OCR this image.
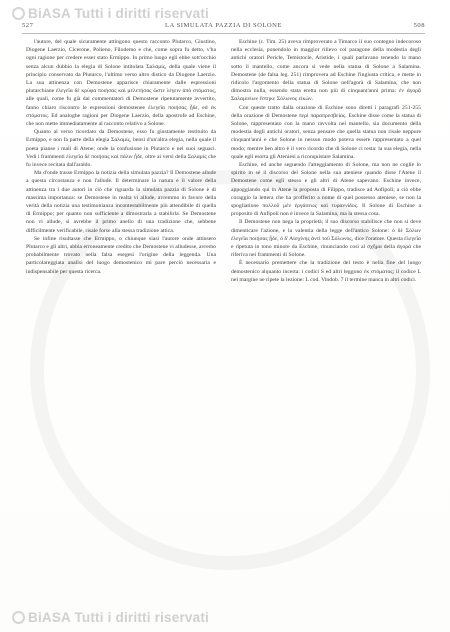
BiASA Tutti i diritti riservati
527	LA SIMULATA PAZZIA DI SOLONE	508

l'autore, del quale sicuramente attingono questo racconto Plutarco, Giustino, Diogene Laerzio, Cicerone, Polieno, Filodemo e che, come sopra fu detto, v'ha ogni ragione per credere esser stato Ermippo. In primo luogo egli ebbe sott'occhio senza alcun dubbio la elegia di Solone intitolata Σαλαμίς, della quale viene il principio conservato da Plutarco, l'ultimo verso altro distico da Diogene Laerzio. La sua attinenza con Demostene apparisce chiaramente dalle espressioni plutarchiane ἐλεγεῖα δὲ κρύφα ποιήσας καὶ μελετήσας ὥστε λέγειν ἀπὸ στόματος, alle quali, come fu già dai commentatori di Demostene ripetutamente avvertito, fanno chiaro riscontro le espressioni demostenee ἐλεγεῖα ποιήσας ᾖδε, ed ἐκ στόματος. Ed analoghe ragioni per Diogene Laerzio, della apostrofe ad Eschine, che non mette immediatamente al racconto relativo a Solone.

Quanto al verso ricordato da Demostene, esso fu giustamente restituito da Ermippo, e non fa parte della elegia Σαλαμίς, bensì d'un'altra elegia, nella quale il poeta pianse i mali di Atene; onde la confusione in Plutarco e nei suoi seguaci. Vedi i frammenti ἐλεγεῖα δὲ ποιήσας καὶ πάλιν ᾖδε, oltre ai versi della Σαλαμίς che fu invece recitata dall'araldo.

Ma d'onde trasse Ermippo la notizia della simulata pazzia? Il Demostene allude a questa circostanza e non l'allude. Il determinare la natura e il valore della attinenza tra i due autori in ciò che riguarda la simulata pazzia di Solone è di massima importanza: se Demostene in realtà vi allude, avremmo in favore della verità della notizia una testimonianza incontestabilmente più attendibile di quella di Ermippo; per quanto non sufficiente a dimostrarla a stabilirla. Se Demostene non vi allude, si avrebbe il primo anello di una tradizione che, sebbene difficilmente verificabile, risale forse alla stessa tradizione attica.

Se infine risultasse che Ermippo, o chiunque siasi l'autore onde attinsero Plutarco e gli altri, abbia erroneamente credito che Demostene vi alludesse, avremo probabilmente trovato nella falsa esegesi l'origine della leggenda. Una particolareggiata analisi del luogo demostenico mi pare perciò necessaria e indispensabile per questa ricerca.

Eschine (c. Tim. 25) aveva rimproverato a Timarco il suo contegno indecoroso nella ecclesia, ponendolo in maggior rilievo col paragone della modestia degli antichi oratori Pericle, Temistocle, Aristide, i quali parlavano tenendo la mano sotto il mantello, come ancora si vede nella statua di Solone a Salamina. Demostene (de falsa leg. 251) rimprovera ad Eschine l'ingiusta critica, e mette in ridicolo l'argomento della statua di Solone nell'agorà di Salamina, che non dimostra nulla, essendo stata eretta non più di cinquant'anni prima: ἐν ἀγορᾷ Σαλαμινίων ἕστηκε Σόλωνος εἰκών.

Con queste tratto dalla orazione di Eschine sono diretti i paragrafi 251-255 della orazione di Demostene περὶ παραπρεσβείας. Eschine disse come la statua di Solone, rappresentato con la mano ravvolta nel mantello, sia documento della modestia degli antichi oratori, senza pensare che quella statua non risale neppure cinquant'anni e che Solone in nessun modo poteva essere rappresentato a quel modo; mentre ben altro è il vero ricordo che di Solone ci resta: la sua elegia, nella quale egli esorta gli Ateniesi a riconquistare Salamina.

Eschine, ed anche seguendo l'atteggiamento di Solone, ma non ne coglie lo spirito in sé il discorso del Solone nella sua ateniese quando disse l'Atene il Demostene come egli stesso e gli altri di Atene sapevano. Eschine invece, appoggiando qui in Atene la proposta di Filippo, tradisce ad Anfipoli; a ciò ebbe coraggio la lettera che ha profferito a nome di quel possesso ateniese, se non la spogliatione πολλοῦ μὲν ἐργάσεως καὶ τυραννίδος. Il Solone di Eschine a proposito di Anfipoli non è invece la Salamina, ma la stessa cosa.

Il Demostene non nega la proprietà; il suo discorso stabilisce che non si deve dimenticare l'azione, e la valentia della legge dell'antico Solone: ὁ δὲ Σόλων ἐλεγεῖα ποιήσας ᾖδε, ὁ δ' Αἰσχίνης ἀντὶ τοῦ Σόλωνος, dice l'oratore. Questa ἐλεγεῖα e ripetuta in tono minore da Eschine, rinunciando così al σχῆμα della ἀγορά che riferiva nei frammenti di Solone.

È necessario premettere che la tradizione del testo è nella fine del luogo demostenico alquanto incerta: i codici S ed altri leggono ἐκ στόματος; il codice L nel margine ne ripete la lezione: L cod. Vindob. 7 il termine manca in altri codici.

BiASA Tutti i diritti riservati
